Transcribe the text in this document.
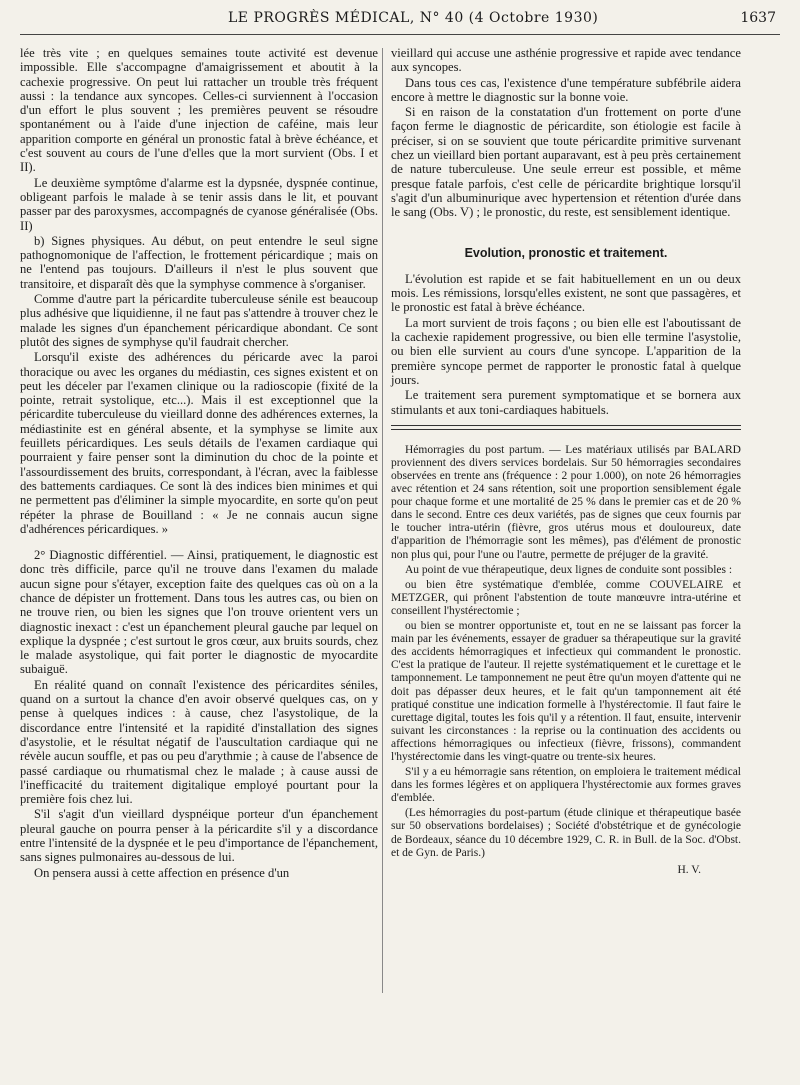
LE PROGRÈS MÉDICAL, N° 40 (4 Octobre 1930)	1637

lée très vite ; en quelques semaines toute activité est devenue impossible. Elle s'accompagne d'amaigrissement et aboutit à la cachexie progressive. On peut lui rattacher un trouble très fréquent aussi : la tendance aux syncopes. Celles-ci surviennent à l'occasion d'un effort le plus souvent ; les premières peuvent se résoudre spontanément ou à l'aide d'une injection de caféine, mais leur apparition comporte en général un pronostic fatal à brève échéance, et c'est souvent au cours de l'une d'elles que la mort survient (Obs. I et II).

Le deuxième symptôme d'alarme est la dypsnée, dyspnée continue, obligeant parfois le malade à se tenir assis dans le lit, et pouvant passer par des paroxysmes, accompagnés de cyanose généralisée (Obs. II)

b) Signes physiques. Au début, on peut entendre le seul signe pathognomonique de l'affection, le frottement péricardique ; mais on ne l'entend pas toujours. D'ailleurs il n'est le plus souvent que transitoire, et disparaît dès que la symphyse commence à s'organiser.

Comme d'autre part la péricardite tuberculeuse sénile est beaucoup plus adhésive que liquidienne, il ne faut pas s'attendre à trouver chez le malade les signes d'un épanchement péricardique abondant. Ce sont plutôt des signes de symphyse qu'il faudrait chercher.

Lorsqu'il existe des adhérences du péricarde avec la paroi thoracique ou avec les organes du médiastin, ces signes existent et on peut les déceler par l'examen clinique ou la radioscopie (fixité de la pointe, retrait systolique, etc...). Mais il est exceptionnel que la péricardite tuberculeuse du vieillard donne des adhérences externes, la médiastinite est en général absente, et la symphyse se limite aux feuillets péricardiques. Les seuls détails de l'examen cardiaque qui pourraient y faire penser sont la diminution du choc de la pointe et l'assourdissement des bruits, correspondant, à l'écran, avec la faiblesse des battements cardiaques. Ce sont là des indices bien minimes et qui ne permettent pas d'éliminer la simple myocardite, en sorte qu'on peut répéter la phrase de Bouilland : « Je ne connais aucun signe d'adhérences péricardiques. »

2° Diagnostic différentiel. — Ainsi, pratiquement, le diagnostic est donc très difficile, parce qu'il ne trouve dans l'examen du malade aucun signe pour s'étayer, exception faite des quelques cas où on a la chance de dépister un frottement. Dans tous les autres cas, ou bien on ne trouve rien, ou bien les signes que l'on trouve orientent vers un diagnostic inexact : c'est un épanchement pleural gauche par lequel on explique la dyspnée ; c'est surtout le gros cœur, aux bruits sourds, chez le malade asystolique, qui fait porter le diagnostic de myocardite subaiguë.

En réalité quand on connaît l'existence des péricardites séniles, quand on a surtout la chance d'en avoir observé quelques cas, on y pense à quelques indices : à cause, chez l'asystolique, de la discordance entre l'intensité et la rapidité d'installation des signes d'asystolie, et le résultat négatif de l'auscultation cardiaque qui ne révèle aucun souffle, et pas ou peu d'arythmie ; à cause de l'absence de passé cardiaque ou rhumatismal chez le malade ; à cause aussi de l'inefficacité du traitement digitalique employé pourtant pour la première fois chez lui.

S'il s'agit d'un vieillard dyspnéique porteur d'un épanchement pleural gauche on pourra penser à la péricardite s'il y a discordance entre l'intensité de la dyspnée et le peu d'importance de l'épanchement, sans signes pulmonaires au-dessous de lui.

On pensera aussi à cette affection en présence d'un

vieillard qui accuse une asthénie progressive et rapide avec tendance aux syncopes.

Dans tous ces cas, l'existence d'une température subfébrile aidera encore à mettre le diagnostic sur la bonne voie.

Si en raison de la constatation d'un frottement on porte d'une façon ferme le diagnostic de péricardite, son étiologie est facile à préciser, si on se souvient que toute péricardite primitive survenant chez un vieillard bien portant auparavant, est à peu près certainement de nature tuberculeuse. Une seule erreur est possible, et même presque fatale parfois, c'est celle de péricardite brightique lorsqu'il s'agit d'un albuminurique avec hypertension et rétention d'urée dans le sang (Obs. V) ; le pronostic, du reste, est sensiblement identique.

Evolution, pronostic et traitement.

L'évolution est rapide et se fait habituellement en un ou deux mois. Les rémissions, lorsqu'elles existent, ne sont que passagères, et le pronostic est fatal à brève échéance.

La mort survient de trois façons ; ou bien elle est l'aboutissant de la cachexie rapidement progressive, ou bien elle termine l'asystolie, ou bien elle survient au cours d'une syncope. L'apparition de la première syncope permet de rapporter le pronostic fatal à quelque jours.

Le traitement sera purement symptomatique et se bornera aux stimulants et aux toni-cardiaques habituels.

Hémorragies du post partum. — Les matériaux utilisés par BALARD proviennent des divers services bordelais. Sur 50 hémorragies secondaires observées en trente ans (fréquence : 2 pour 1.000), on note 26 hémorragies avec rétention et 24 sans rétention, soit une proportion sensiblement égale pour chaque forme et une mortalité de 25 % dans le premier cas et de 20 % dans le second. Entre ces deux variétés, pas de signes que ceux fournis par le toucher intra-utérin (fièvre, gros utérus mous et douloureux, date d'apparition de l'hémorragie sont les mêmes), pas d'élément de pronostic non plus qui, pour l'une ou l'autre, permette de préjuger de la gravité.

Au point de vue thérapeutique, deux lignes de conduite sont possibles :

ou bien être systématique d'emblée, comme COUVELAIRE et METZGER, qui prônent l'abstention de toute manœuvre intra-utérine et conseillent l'hystérectomie ;

ou bien se montrer opportuniste et, tout en ne se laissant pas forcer la main par les événements, essayer de graduer sa thérapeutique sur la gravité des accidents hémorragiques et infectieux qui commandent le pronostic. C'est la pratique de l'auteur. Il rejette systématiquement et le curettage et le tamponnement. Le tamponnement ne peut être qu'un moyen d'attente qui ne doit pas dépasser deux heures, et le fait qu'un tamponnement ait été pratiqué constitue une indication formelle à l'hystérectomie. Il faut faire le curettage digital, toutes les fois qu'il y a rétention. Il faut, ensuite, intervenir suivant les circonstances : la reprise ou la continuation des accidents ou affections hémorragiques ou infectieux (fièvre, frissons), commandent l'hystérectomie dans les vingt-quatre ou trente-six heures.

S'il y a eu hémorragie sans rétention, on emploiera le traitement médical dans les formes légères et on appliquera l'hystérectomie aux formes graves d'emblée.

(Les hémorragies du post-partum (étude clinique et thérapeutique basée sur 50 observations bordelaises) ; Société d'obstétrique et de gynécologie de Bordeaux, séance du 10 décembre 1929, C. R. in Bull. de la Soc. d'Obst. et de Gyn. de Paris.)

H. V.
